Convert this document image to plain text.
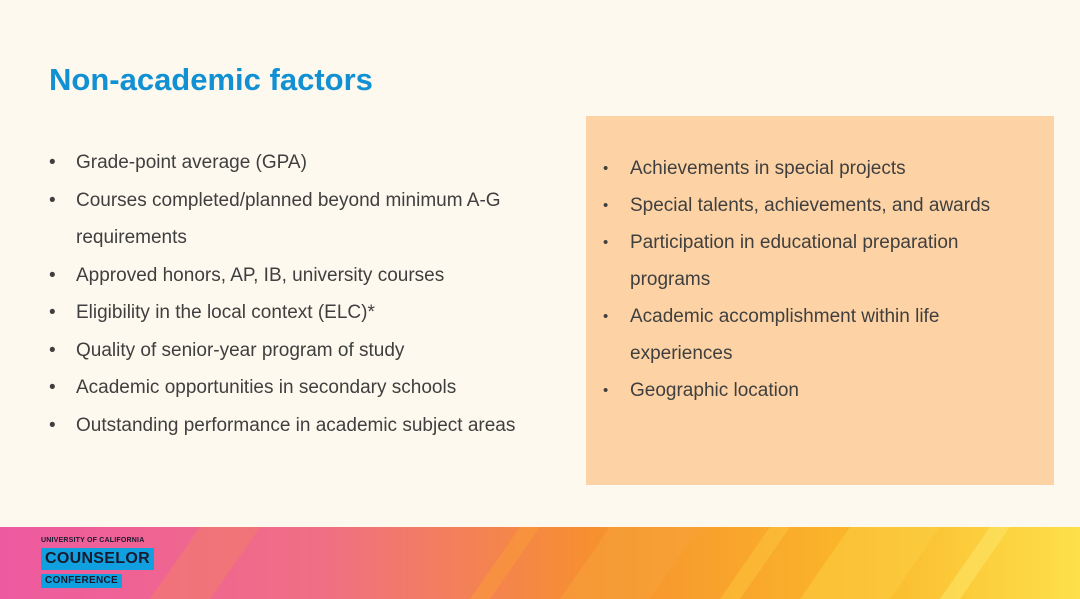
Non-academic factors
• Grade-point average (GPA)
• Courses completed/planned beyond minimum A-G requirements
• Approved honors, AP, IB, university courses
• Eligibility in the local context (ELC)*
• Quality of senior-year program of study
• Academic opportunities in secondary schools
• Outstanding performance in academic subject areas
• Achievements in special projects
• Special talents, achievements, and awards
• Participation in educational preparation programs
• Academic accomplishment within life experiences
• Geographic location
UNIVERSITY OF CALIFORNIA
COUNSELOR
CONFERENCE
